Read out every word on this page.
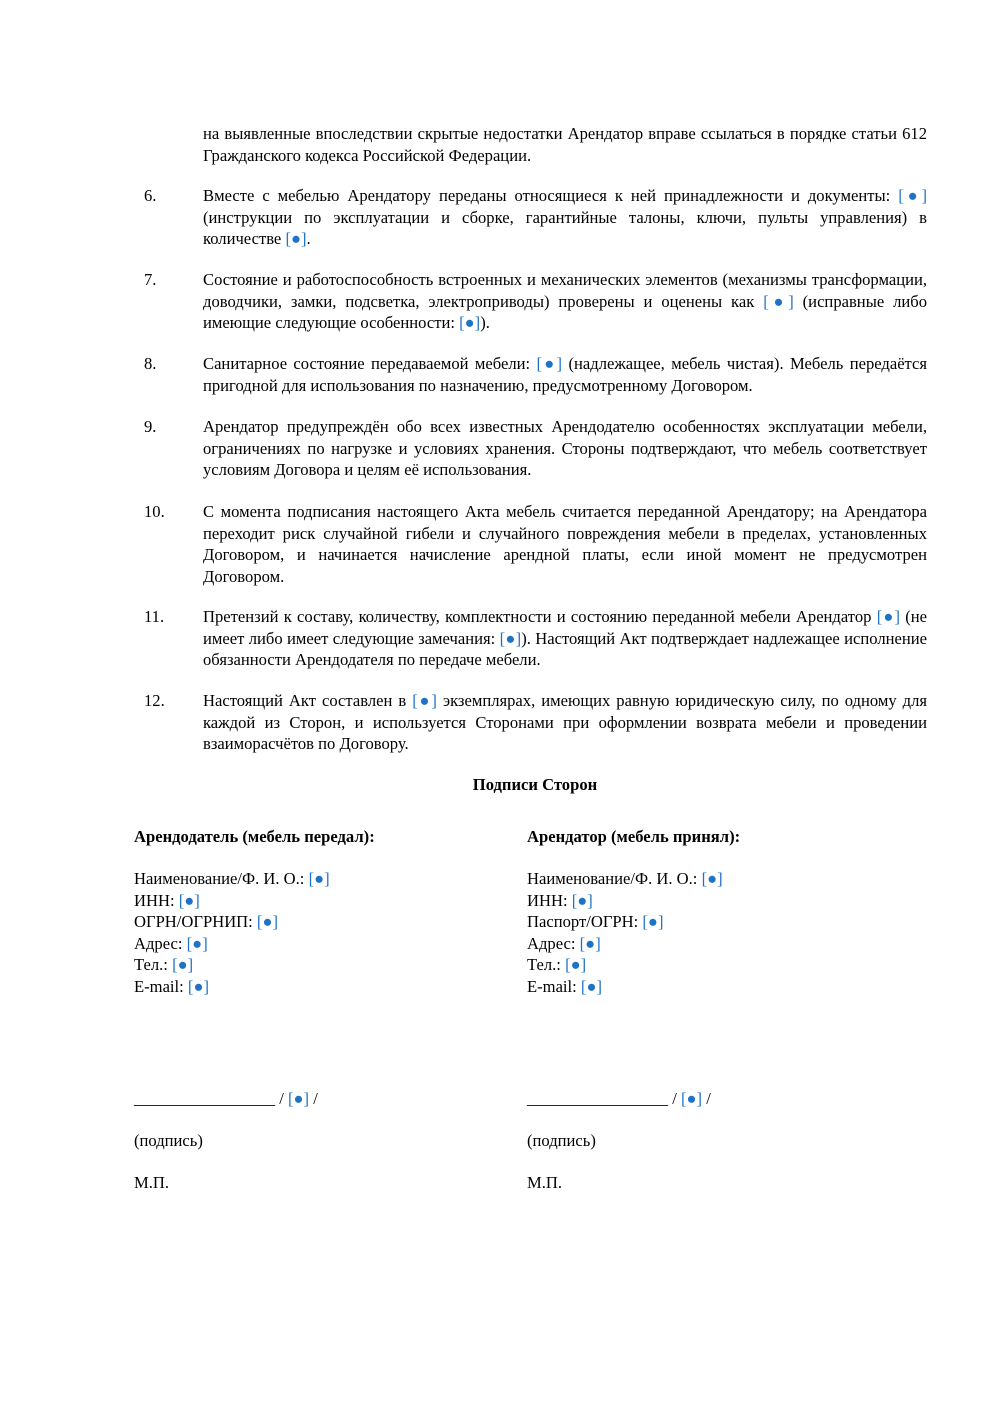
на выявленные впоследствии скрытые недостатки Арендатор вправе ссылаться в порядке статьи 612 Гражданского кодекса Российской Федерации.
6.	Вместе с мебелью Арендатору переданы относящиеся к ней принадлежности и документы: [●] (инструкции по эксплуатации и сборке, гарантийные талоны, ключи, пульты управления) в количестве [●].
7.	Состояние и работоспособность встроенных и механических элементов (механизмы трансформации, доводчики, замки, подсветка, электроприводы) проверены и оценены как [●] (исправные либо имеющие следующие особенности: [●]).
8.	Санитарное состояние передаваемой мебели: [●] (надлежащее, мебель чистая). Мебель передаётся пригодной для использования по назначению, предусмотренному Договором.
9.	Арендатор предупреждён обо всех известных Арендодателю особенностях эксплуатации мебели, ограничениях по нагрузке и условиях хранения. Стороны подтверждают, что мебель соответствует условиям Договора и целям её использования.
10. С момента подписания настоящего Акта мебель считается переданной Арендатору; на Арендатора переходит риск случайной гибели и случайного повреждения мебели в пределах, установленных Договором, и начинается начисление арендной платы, если иной момент не предусмотрен Договором.
11. Претензий к составу, количеству, комплектности и состоянию переданной мебели Арендатор [●] (не имеет либо имеет следующие замечания: [●]). Настоящий Акт подтверждает надлежащее исполнение обязанности Арендодателя по передаче мебели.
12. Настоящий Акт составлен в [●] экземплярах, имеющих равную юридическую силу, по одному для каждой из Сторон, и используется Сторонами при оформлении возврата мебели и проведении взаиморасчётов по Договору.
Подписи Сторон
Арендодатель (мебель передал):
Наименование/Ф. И. О.: [●]
ИНН: [●]
ОГРН/ОГРНИП: [●]
Адрес: [●]
Тел.: [●]
E-mail: [●]
_________________ / [●] /
(подпись)
М.П.
Арендатор (мебель принял):
Наименование/Ф. И. О.: [●]
ИНН: [●]
Паспорт/ОГРН: [●]
Адрес: [●]
Тел.: [●]
E-mail: [●]
_________________ / [●] /
(подпись)
М.П.
